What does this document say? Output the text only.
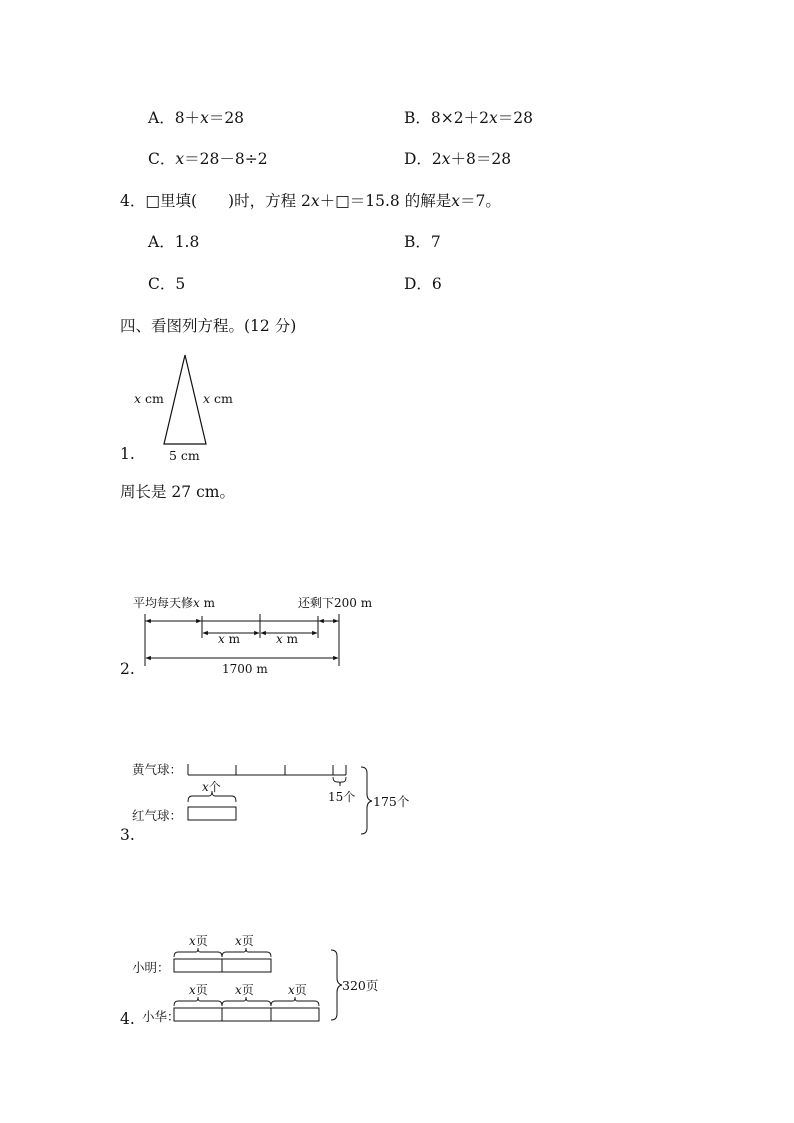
A．8＋x＝28	B．8×2＋2x＝28
C．x＝28－8÷2	D．2x＋8＝28
4．□里填(　　)时，方程 2x＋□＝15.8 的解是x＝7。
A．1.8	B．7
C．5	D．6
四、看图列方程。(12 分)
1.
x cm	x cm
5 cm
周长是 27 cm。
2.
平均每天修x m	还剩下200 m
x m	x m
1700 m
3.
黄气球：
15个
x个
红气球：
175个
4.
x页 x页
小明：
x页 x页	x页
小华：
320页
